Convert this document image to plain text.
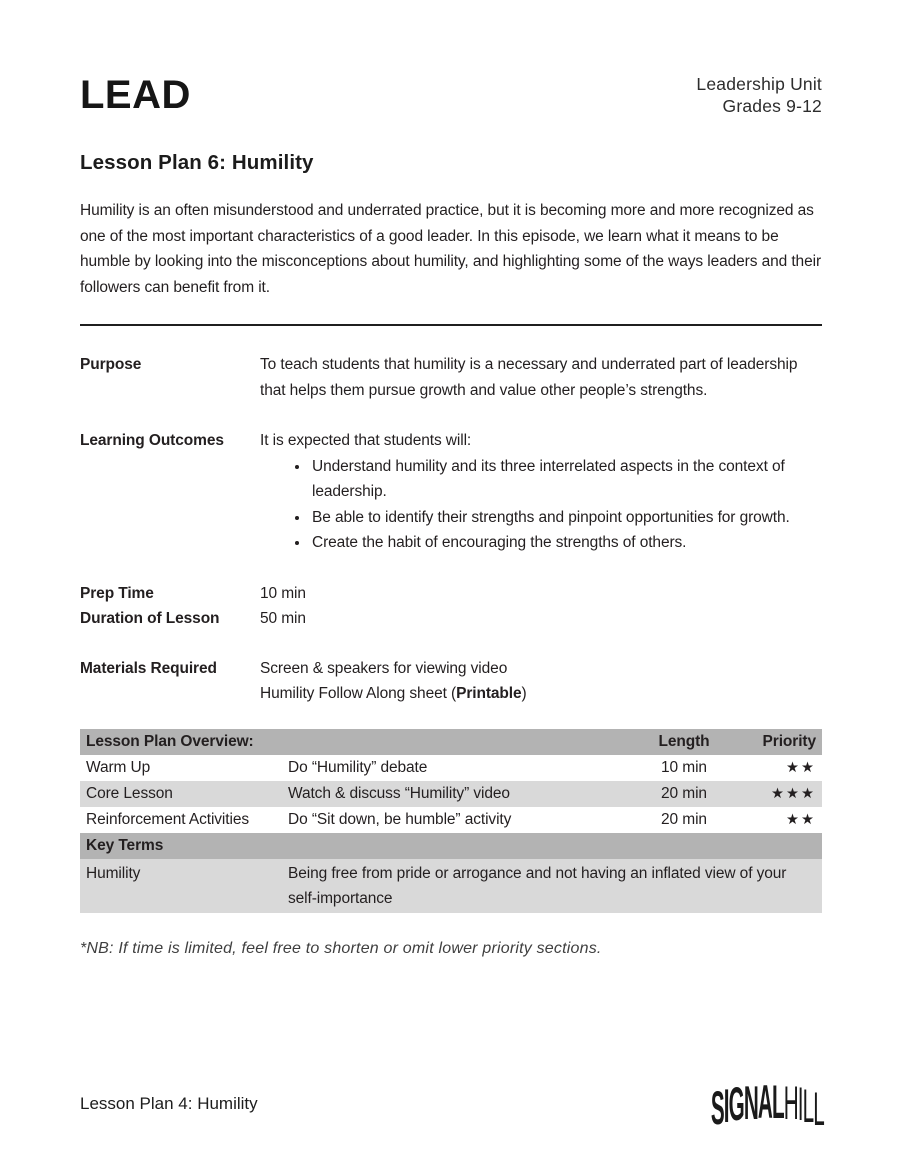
LEAD	Leadership Unit
Grades 9-12
Lesson Plan 6: Humility

Humility is an often misunderstood and underrated practice, but it is becoming more and more recognized as one of the most important characteristics of a good leader. In this episode, we learn what it means to be humble by looking into the misconceptions about humility, and highlighting some of the ways leaders and their followers can benefit from it.

Purpose	To teach students that humility is a necessary and underrated part of leadership that helps them pursue growth and value other people’s strengths.
Learning Outcomes	It is expected that students will:
• Understand humility and its three interrelated aspects in the context of leadership.
• Be able to identify their strengths and pinpoint opportunities for growth.
• Create the habit of encouraging the strengths of others.
Prep Time	10 min
Duration of Lesson	50 min
Materials Required	Screen & speakers for viewing video
Humility Follow Along sheet (Printable)
Lesson Plan Overview:		Length	Priority
Warm Up	Do “Humility” debate	10 min	★★
Core Lesson	Watch & discuss “Humility” video	20 min	★★★
Reinforcement Activities	Do “Sit down, be humble” activity	20 min	★★
Key Terms			
Humility	Being free from pride or arrogance and not having an inflated view of your self-importance		
*NB: If time is limited, feel free to shorten or omit lower priority sections.
Lesson Plan 4: Humility	S I G N A L H I L L
